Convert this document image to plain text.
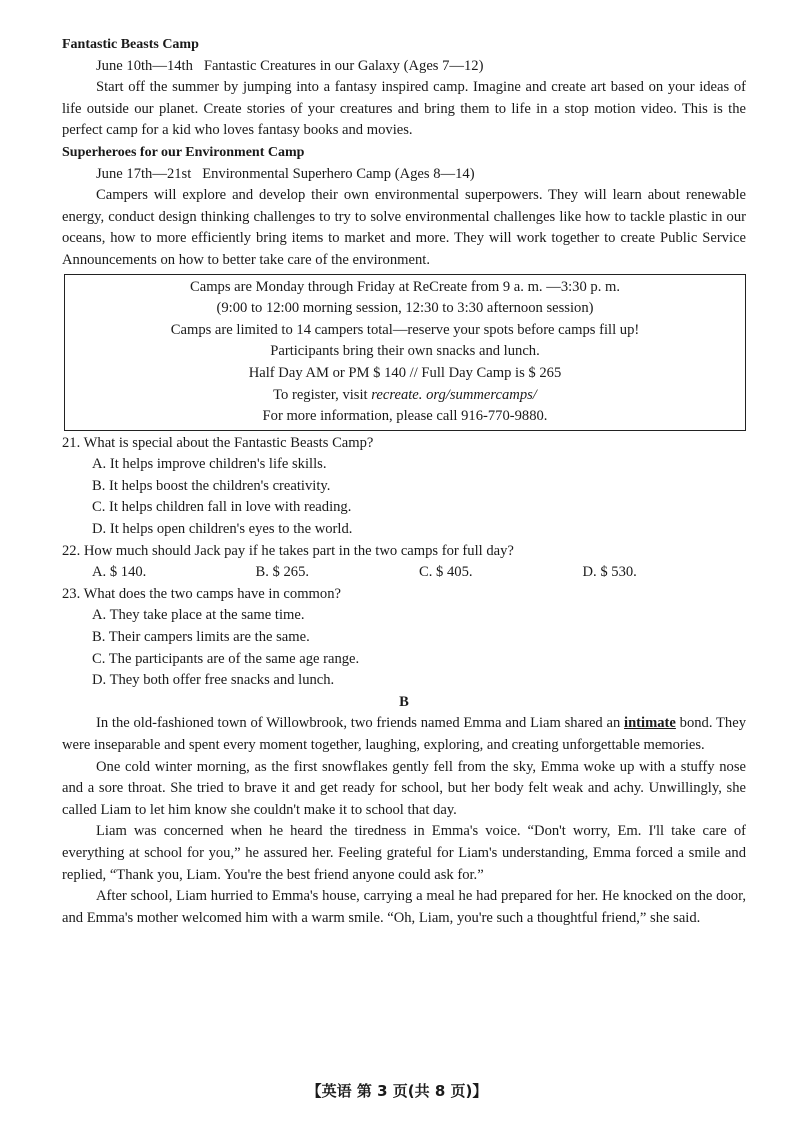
Fantastic Beasts Camp
June 10th—14th   Fantastic Creatures in our Galaxy (Ages 7—12)

Start off the summer by jumping into a fantasy inspired camp. Imagine and create art based on your ideas of life outside our planet. Create stories of your creatures and bring them to life in a stop motion video. This is the perfect camp for a kid who loves fantasy books and movies.

Superheroes for our Environment Camp
June 17th—21st   Environmental Superhero Camp (Ages 8—14)

Campers will explore and develop their own environmental superpowers. They will learn about renewable energy, conduct design thinking challenges to try to solve environmental challenges like how to tackle plastic in our oceans, how to more efficiently bring items to market and more. They will work together to create Public Service Announcements on how to better take care of the environment.

Camps are Monday through Friday at ReCreate from 9 a. m. —3:30 p. m.
(9:00 to 12:00 morning session, 12:30 to 3:30 afternoon session)
Camps are limited to 14 campers total—reserve your spots before camps fill up!
Participants bring their own snacks and lunch.
Half Day AM or PM $ 140 // Full Day Camp is $ 265
To register, visit recreate. org/summercamps/
For more information, please call 916-770-9880.
21. What is special about the Fantastic Beasts Camp?
A. It helps improve children's life skills.
B. It helps boost the children's creativity.
C. It helps children fall in love with reading.
D. It helps open children's eyes to the world.
22. How much should Jack pay if he takes part in the two camps for full day?
A. $ 140.	B. $ 265.	C. $ 405.	D. $ 530.
23. What does the two camps have in common?
A. They take place at the same time.
B. Their campers limits are the same.
C. The participants are of the same age range.
D. They both offer free snacks and lunch.
B

In the old-fashioned town of Willowbrook, two friends named Emma and Liam shared an intimate bond. They were inseparable and spent every moment together, laughing, exploring, and creating unforgettable memories.

One cold winter morning, as the first snowflakes gently fell from the sky, Emma woke up with a stuffy nose and a sore throat. She tried to brave it and get ready for school, but her body felt weak and achy. Unwillingly, she called Liam to let him know she couldn't make it to school that day.

Liam was concerned when he heard the tiredness in Emma's voice. “Don't worry, Em. I'll take care of everything at school for you,” he assured her. Feeling grateful for Liam's understanding, Emma forced a smile and replied, “Thank you, Liam. You're the best friend anyone could ask for.”

After school, Liam hurried to Emma's house, carrying a meal he had prepared for her. He knocked on the door, and Emma's mother welcomed him with a warm smile. “Oh, Liam, you're such a thoughtful friend,” she said.

【英语 第 3 页(共 8 页)】
